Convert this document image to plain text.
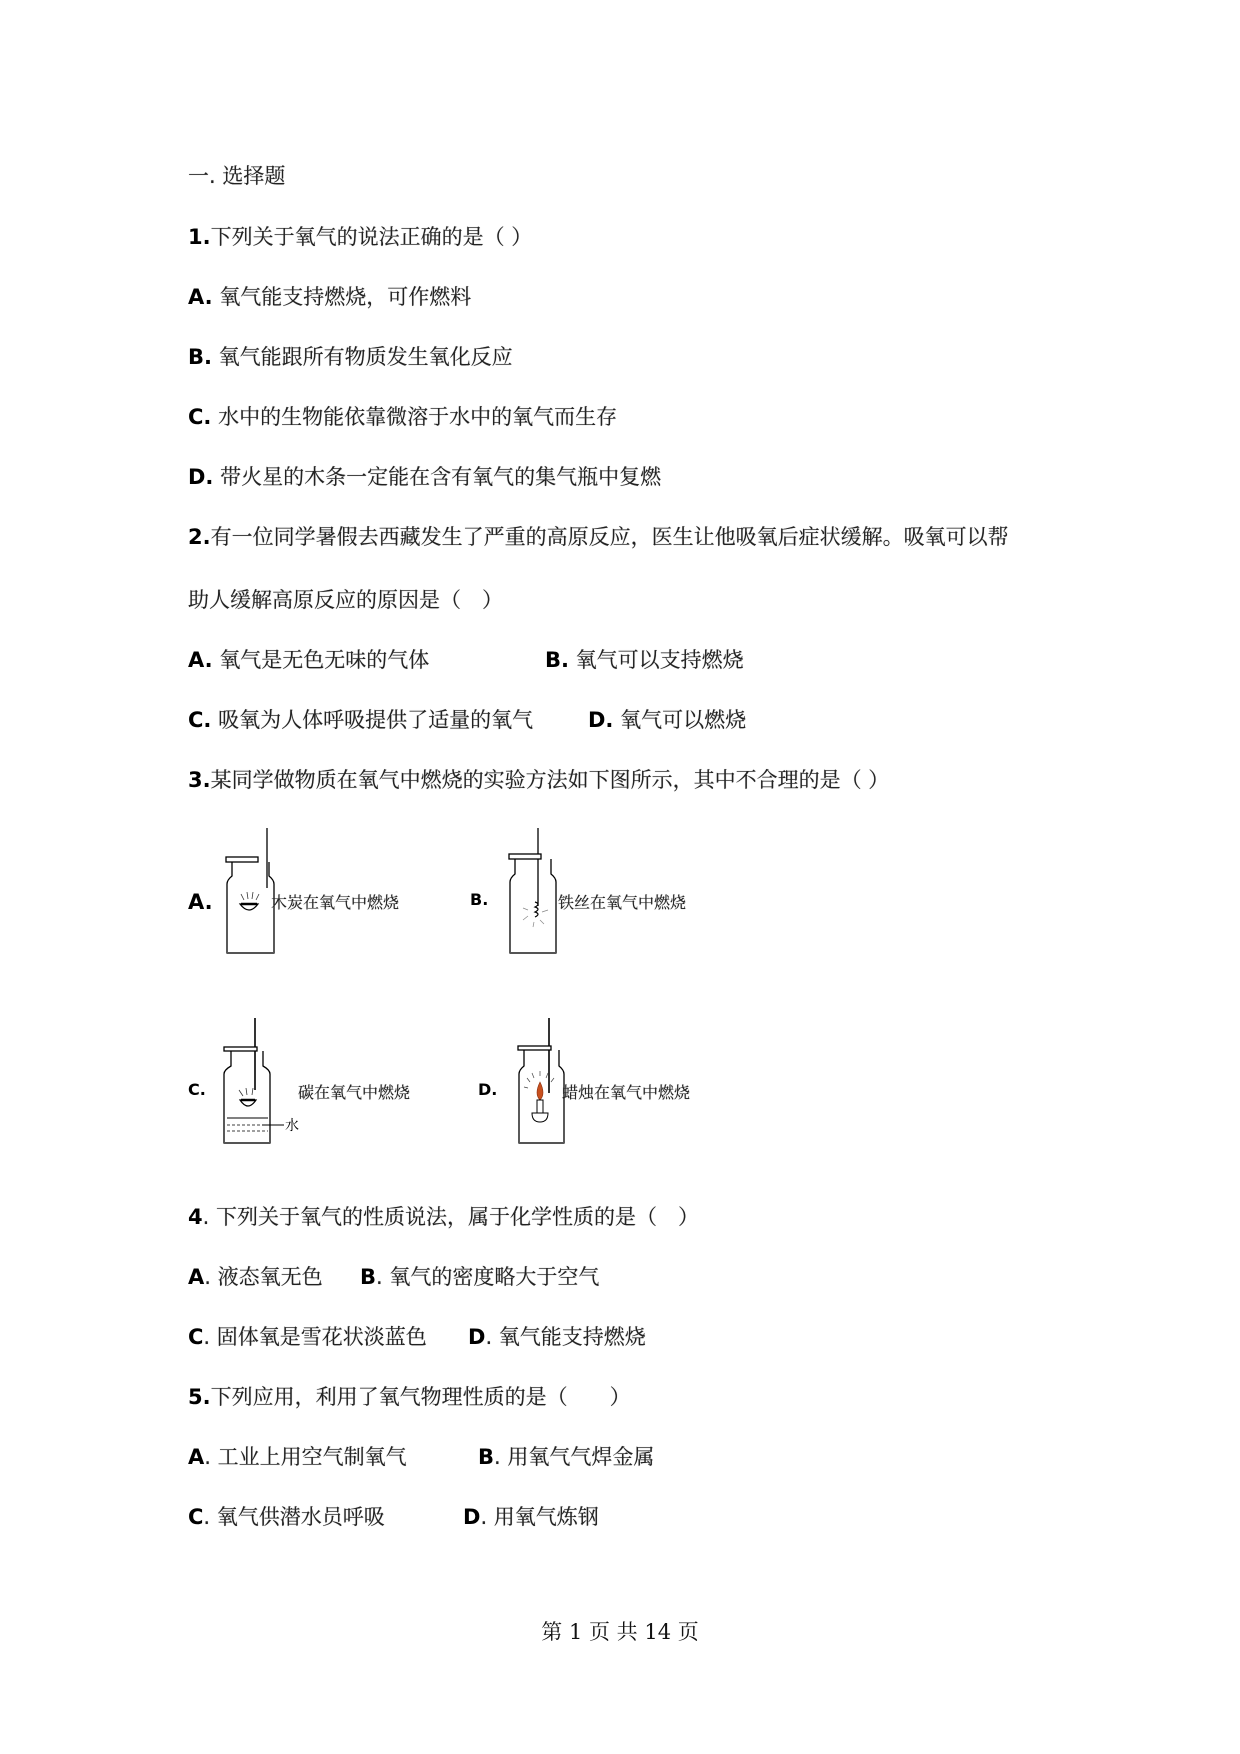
一. 选择题
1.下列关于氧气的说法正确的是（ ）
A. 氧气能支持燃烧，可作燃料
B. 氧气能跟所有物质发生氧化反应
C. 水中的生物能依靠微溶于水中的氧气而生存
D. 带火星的木条一定能在含有氧气的集气瓶中复燃
2.有一位同学暑假去西藏发生了严重的高原反应，医生让他吸氧后症状缓解。吸氧可以帮
助人缓解高原反应的原因是（　）
A. 氧气是无色无味的气体	B. 氧气可以支持燃烧
C. 吸氧为人体呼吸提供了适量的氧气	D. 氧气可以燃烧
3.某同学做物质在氧气中燃烧的实验方法如下图所示，其中不合理的是（ ）
A.	木炭在氧气中燃烧	B.	铁丝在氧气中燃烧
C.
水
碳在氧气中燃烧	D.	蜡烛在氧气中燃烧
4. 下列关于氧气的性质说法，属于化学性质的是（　）
A. 液态氧无色 B. 氧气的密度略大于空气
C. 固体氧是雪花状淡蓝色 D. 氧气能支持燃烧
5.下列应用，利用了氧气物理性质的是（　　）
A. 工业上用空气制氧气	B. 用氧气气焊金属
C. 氧气供潜水员呼吸	D. 用氧气炼钢
第 1 页 共 14 页
